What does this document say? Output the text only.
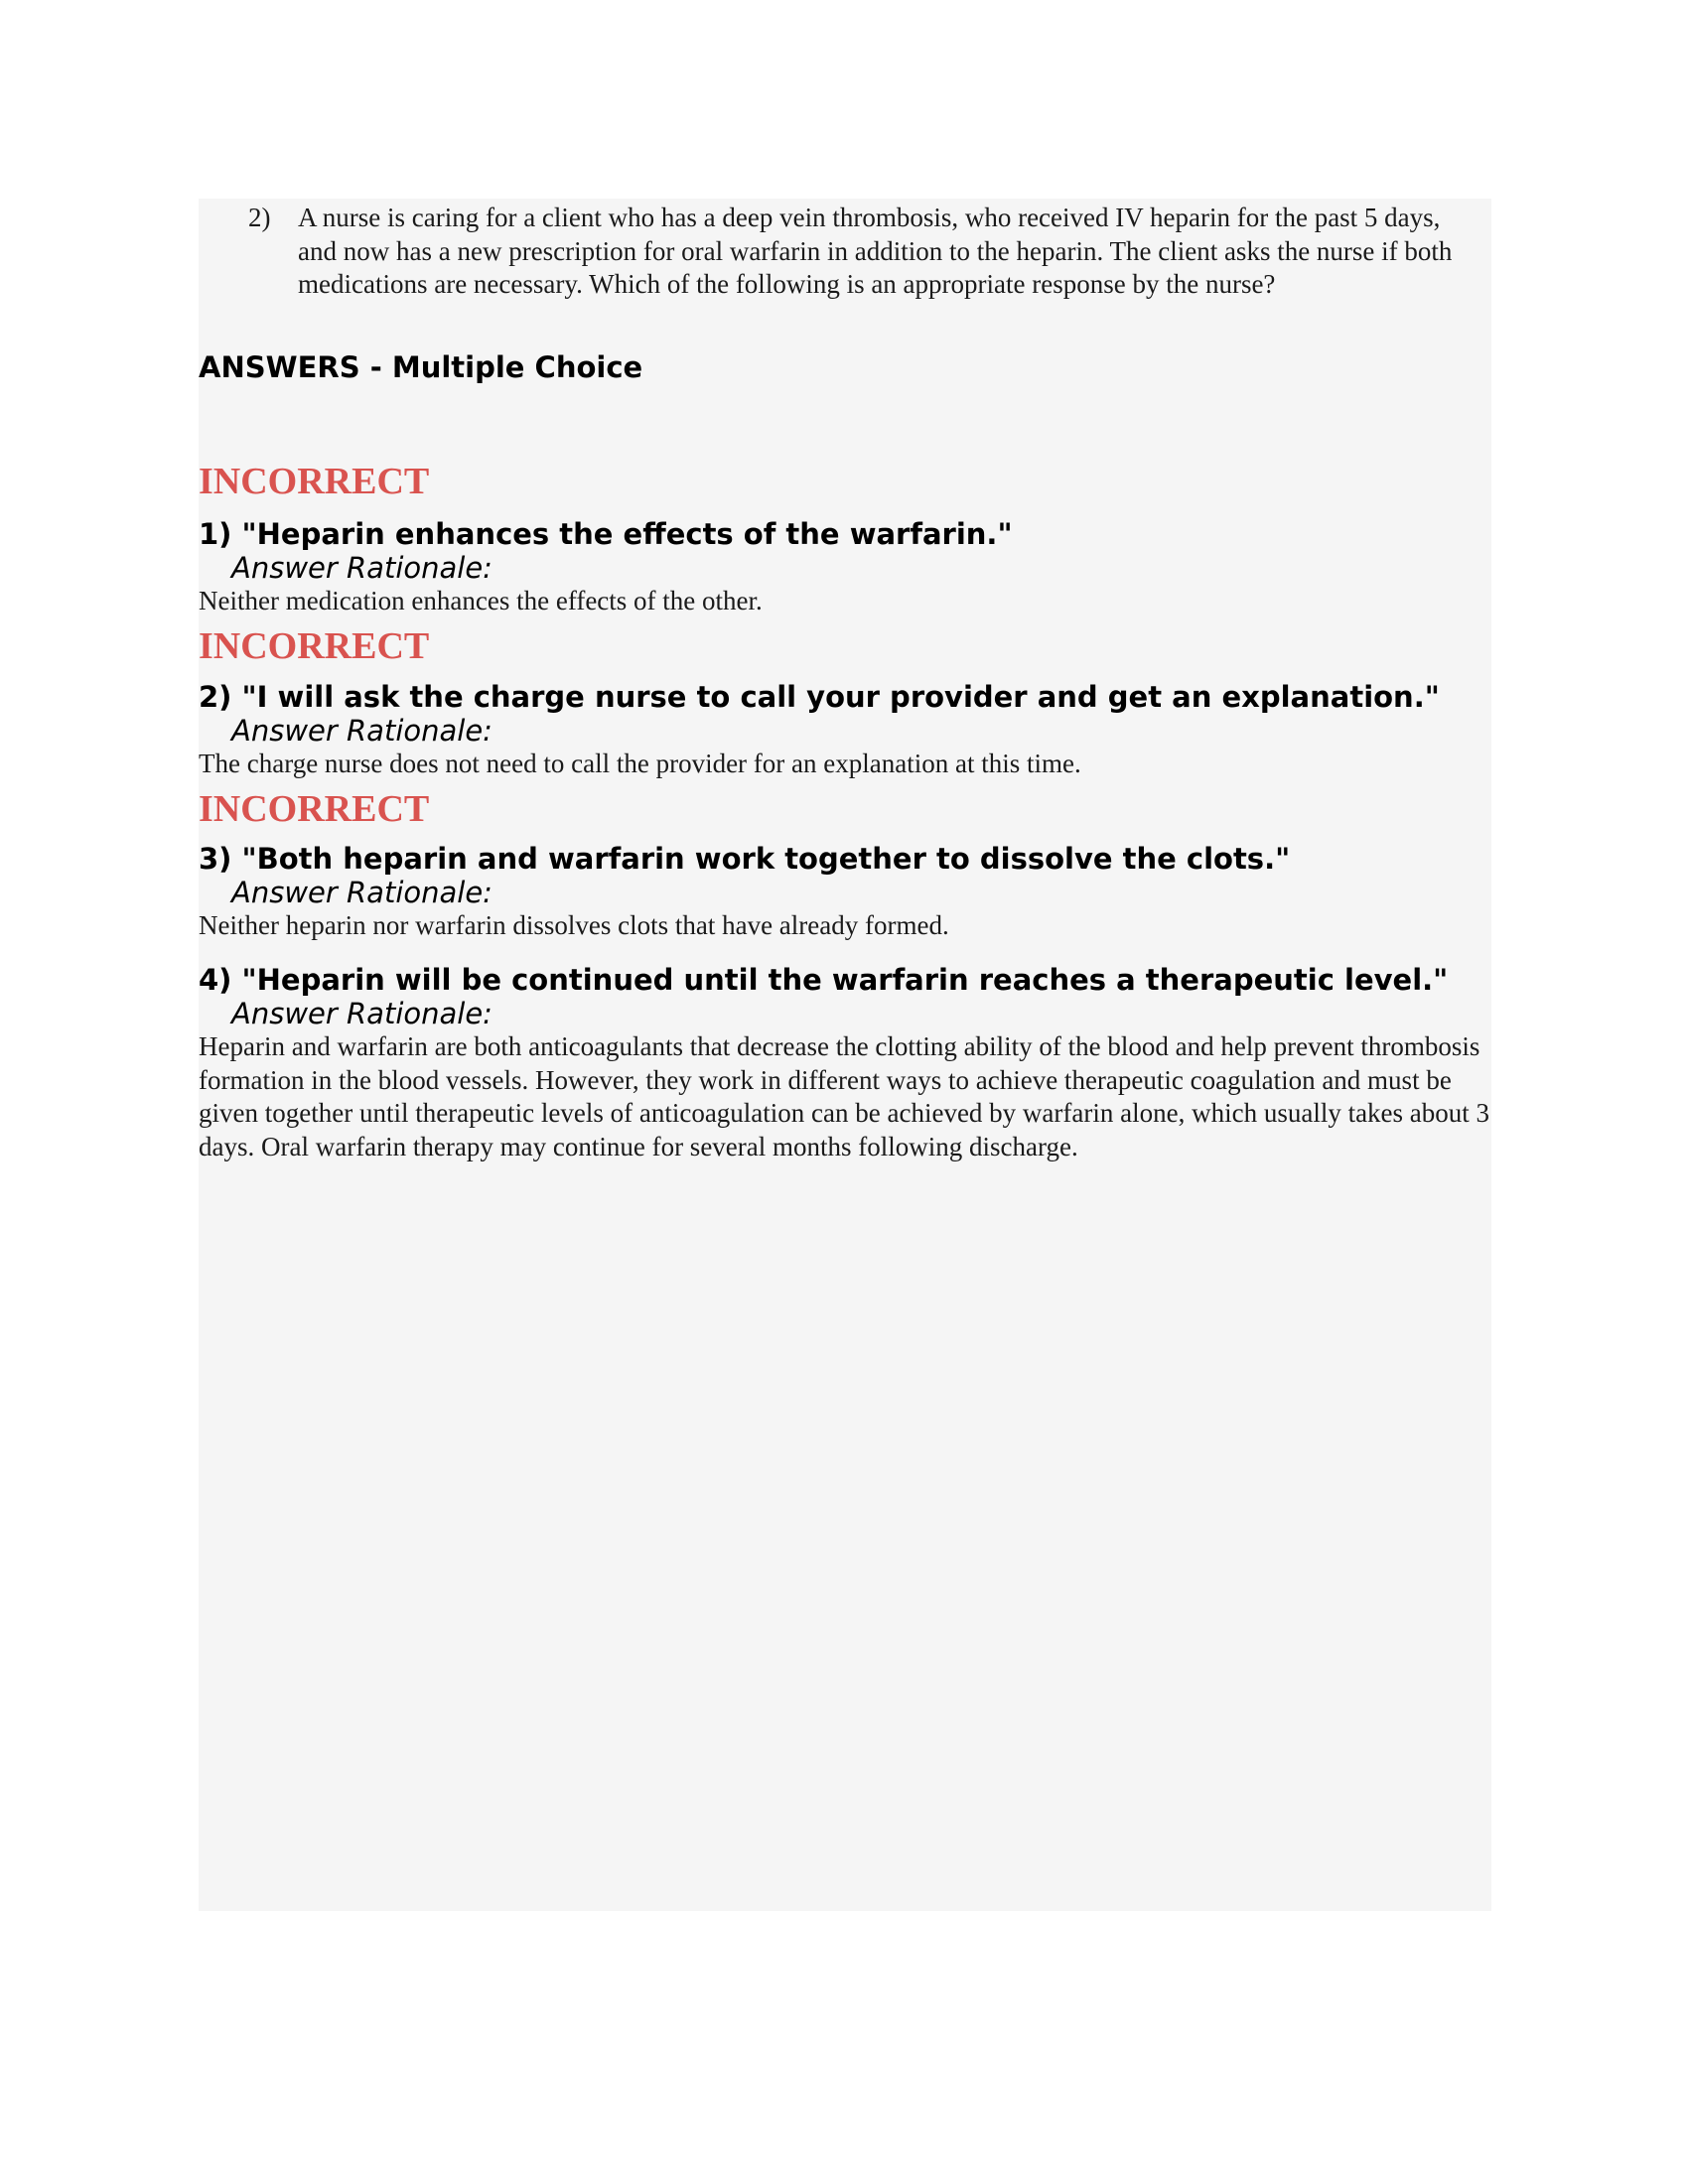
2) A nurse is caring for a client who has a deep vein thrombosis, who received IV heparin for the past 5 days, and now has a new prescription for oral warfarin in addition to the heparin. The client asks the nurse if both medications are necessary. Which of the following is an appropriate response by the nurse?
ANSWERS - Multiple Choice
INCORRECT
1) "Heparin enhances the effects of the warfarin."
Answer Rationale:
Neither medication enhances the effects of the other.
INCORRECT
2) "I will ask the charge nurse to call your provider and get an explanation."
Answer Rationale:
The charge nurse does not need to call the provider for an explanation at this time.
INCORRECT
3) "Both heparin and warfarin work together to dissolve the clots."
Answer Rationale:
Neither heparin nor warfarin dissolves clots that have already formed.
4) "Heparin will be continued until the warfarin reaches a therapeutic level."
Answer Rationale:
Heparin and warfarin are both anticoagulants that decrease the clotting ability of the blood and help prevent thrombosis formation in the blood vessels. However, they work in different ways to achieve therapeutic coagulation and must be given together until therapeutic levels of anticoagulation can be achieved by warfarin alone, which usually takes about 3 days. Oral warfarin therapy may continue for several months following discharge.
